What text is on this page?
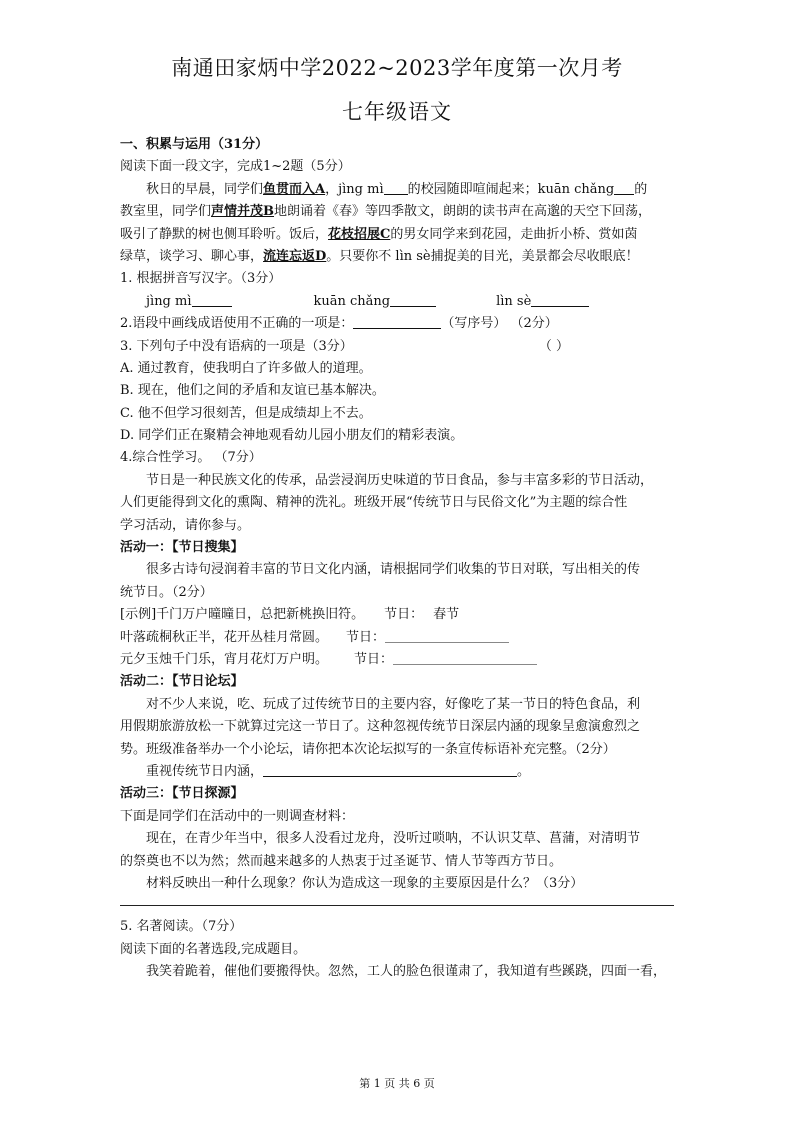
南通田家炳中学2022~2023学年度第一次月考
七年级语文
一、积累与运用（31分）
阅读下面一段文字，完成1~2题（5分）
秋日的早晨，同学们鱼贯而入A，jìng mì 的校园随即喧闹起来；kuān chǎng 的
教室里，同学们声情并茂B地朗诵着《春》等四季散文，朗朗的读书声在高邈的天空下回荡，
吸引了静默的树也侧耳聆听。饭后，花枝招展C的男女同学来到花园，走曲折小桥、赏如茵
绿草，谈学习、聊心事，流连忘返D。只要你不 lìn sè捕捉美的目光，美景都会尽收眼底！
1. 根据拼音写汉字。（3分）
jìng mì	kuān chǎng	lìn sè
2.语段中画线成语使用不正确的一项是：	（写序号） （2分）
3. 下列句子中没有语病的一项是（3分）	（ ）
A. 通过教育，使我明白了许多做人的道理。
B. 现在，他们之间的矛盾和友谊已基本解决。
C. 他不但学习很刻苦，但是成绩却上不去。
D. 同学们正在聚精会神地观看幼儿园小朋友们的精彩表演。
4.综合性学习。 （7分）
节日是一种民族文化的传承，品尝浸润历史味道的节日食品，参与丰富多彩的节日活动，
人们更能得到文化的熏陶、精神的洗礼。班级开展“传统节日与民俗文化”为主题的综合性
学习活动，请你参与。
活动一：【节日搜集】
很多古诗句浸润着丰富的节日文化内涵，请根据同学们收集的节日对联，写出相关的传
统节日。（2分）
[示例]千门万户曈曈日，总把新桃换旧符。 节日： 春节
叶落疏桐秋正半，花开丛桂月常圆。 节日：
元夕玉烛千门乐，宵月花灯万户明。 节日：
活动二：【节日论坛】
对不少人来说，吃、玩成了过传统节日的主要内容，好像吃了某一节日的特色食品，利
用假期旅游放松一下就算过完这一节日了。这种忽视传统节日深层内涵的现象呈愈演愈烈之
势。班级准备举办一个小论坛，请你把本次论坛拟写的一条宣传标语补充完整。（2分）
重视传统节日内涵，	。
活动三：【节日探源】
下面是同学们在活动中的一则调查材料：
现在，在青少年当中，很多人没看过龙舟，没听过唢呐，不认识艾草、菖蒲，对清明节
的祭奠也不以为然；然而越来越多的人热衷于过圣诞节、情人节等西方节日。
材料反映出一种什么现象？你认为造成这一现象的主要原因是什么？（3分）
5. 名著阅读。（7分）
阅读下面的名著选段,完成题目。
我笑着跪着，催他们要搬得快。忽然，工人的脸色很谨肃了，我知道有些蹊跷，四面一看，
第 1 页 共 6 页
